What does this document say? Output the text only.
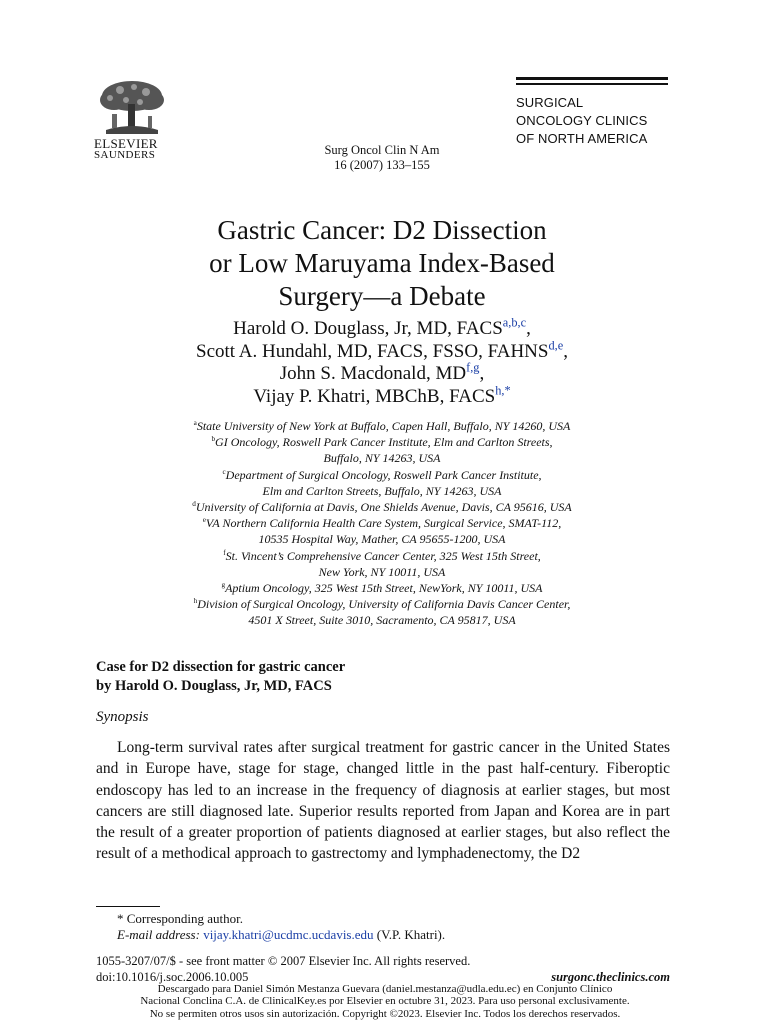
ELSEVIER
SAUNDERS	Surg Oncol Clin N Am
16 (2007) 133–155
SURGICAL
ONCOLOGY CLINICS
OF NORTH AMERICA
Gastric Cancer: D2 Dissection
or Low Maruyama Index-Based
Surgery—a Debate
Harold O. Douglass, Jr, MD, FACS$^{a,b,c}$,
Scott A. Hundahl, MD, FACS, FSSO, FAHNS$^{d,e}$,
John S. Macdonald, MD$^{f,g}$,
Vijay P. Khatri, MBChB, $FACS^{h,*}$
$^a$State University of New York at Buffalo, Capen Hall, Buffalo, NY 14260, USA
$^b$GI Oncology, Roswell Park Cancer Institute, Elm and Carlton Streets,
Buffalo, NY 14263, USA
$^c$Department of Surgical Oncology, Roswell Park Cancer Institute,
Elm and Carlton Streets, Buffalo, NY 14263, USA
$^d$University of California at Davis, One Shields Avenue, Davis, CA 95616, USA
$^e$VA Northern California Health Care System, Surgical Service, SMAT-112,
10535 Hospital Way, Mather, CA 95655-1200, USA
$^f$St. Vincent’s Comprehensive Cancer Center, 325 West 15th Street,
New York, NY 10011, USA
$^g$Aptium Oncology, 325 West 15th Street, NewYork, NY 10011, USA
$^h$Division of Surgical Oncology, University of California Davis Cancer Center,
4501 X Street, Suite 3010, Sacramento, CA 95817, USA
Case for D2 dissection for gastric cancer
by Harold O. Douglass, Jr, MD, FACS
Synopsis
Long-term survival rates after surgical treatment for gastric cancer in the United States and in Europe have, stage for stage, changed little in the past half-century. Fiberoptic endoscopy has led to an increase in the frequency of diagnosis at earlier stages, but most cancers are still diagnosed late. Superior results reported from Japan and Korea are in part the result of a greater proportion of patients diagnosed at earlier stages, but also reflect the result of a methodical approach to gastrectomy and lymphadenectomy, the D2
* Corresponding author.
E-mail address: vijay.khatri@ucdmc.ucdavis.edu (V.P. Khatri).
1055-3207/07/$ - see front matter © 2007 Elsevier Inc. All rights reserved.
doi:10.1016/j.soc.2006.10.005	surgonc.theclinics.com
Descargado para Daniel Simón Mestanza Guevara (daniel.mestanza@udla.edu.ec) en Conjunto Clínico
Nacional Conclina C.A. de ClinicalKey.es por Elsevier en octubre 31, 2023. Para uso personal exclusivamente.
No se permiten otros usos sin autorización. Copyright ©2023. Elsevier Inc. Todos los derechos reservados.
